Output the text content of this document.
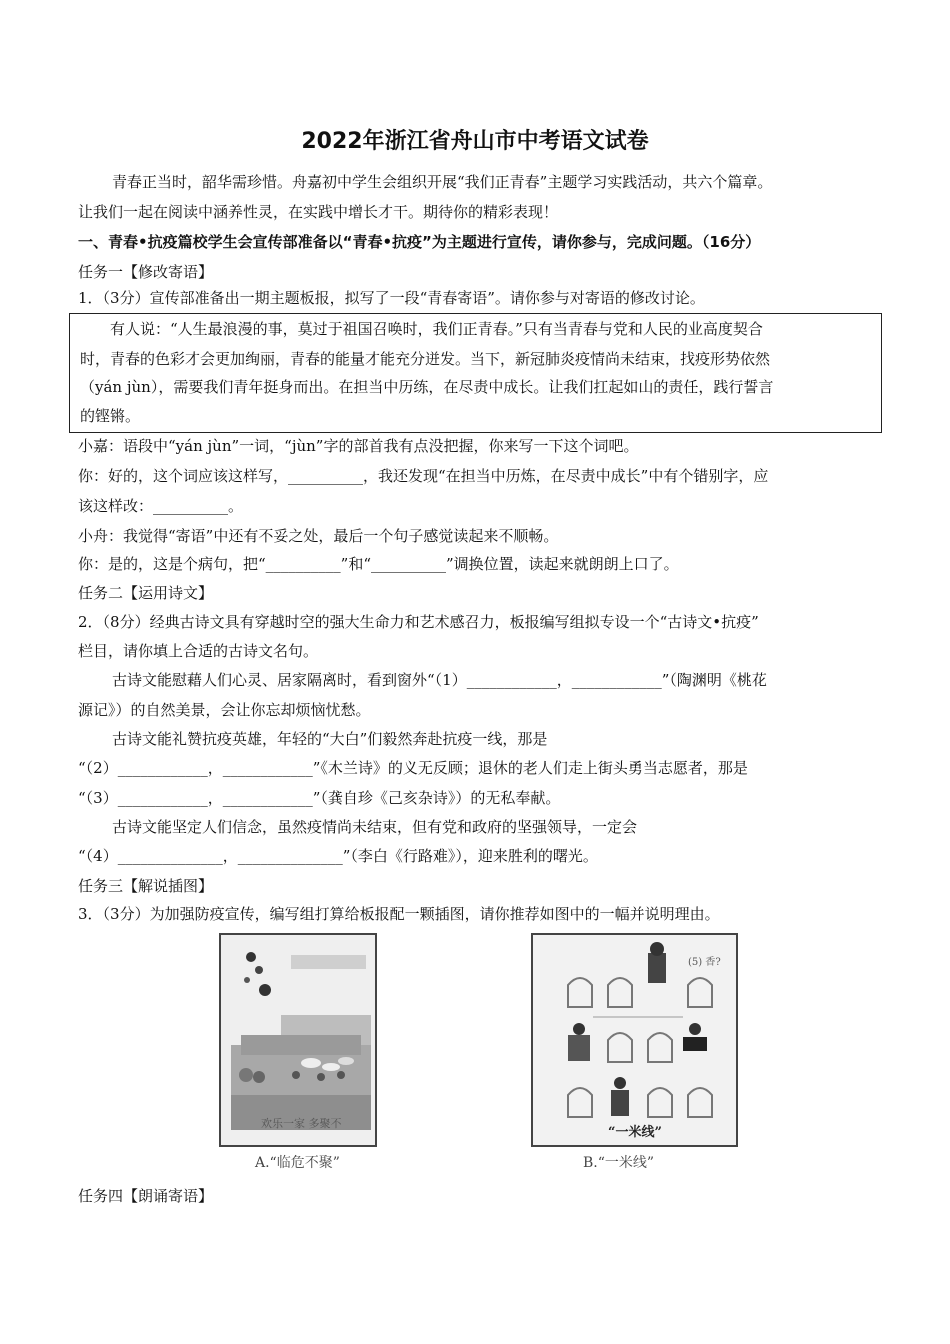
2022年浙江省舟山市中考语文试卷
青春正当时，韶华需珍惜。舟嘉初中学生会组织开展“我们正青春”主题学习实践活动，共六个篇章。
让我们一起在阅读中涵养性灵，在实践中增长才干。期待你的精彩表现！
一、青春•抗疫篇校学生会宣传部准备以“青春•抗疫”为主题进行宣传，请你参与，完成问题。（16分）
任务一【修改寄语】
1．（3分）宣传部准备出一期主题板报，拟写了一段“青春寄语”。请你参与对寄语的修改讨论。
有人说：“人生最浪漫的事，莫过于祖国召唤时，我们正青春。”只有当青春与党和人民的业高度契合
时，青春的色彩才会更加绚丽，青春的能量才能充分迸发。当下，新冠肺炎疫情尚未结束，找疫形势依然
（yán jùn），需要我们青年挺身而出。在担当中历练，在尽责中成长。让我们扛起如山的责任，践行誓言
的铿锵。
小嘉：语段中“yán jùn”一词，“jùn”字的部首我有点没把握，你来写一下这个词吧。
你：好的，这个词应该这样写，__________，我还发现“在担当中历炼，在尽责中成长”中有个错别字，应
该这样改：__________。
小舟：我觉得“寄语”中还有不妥之处，最后一个句子感觉读起来不顺畅。
你：是的，这是个病句，把“__________”和“__________”调换位置，读起来就朗朗上口了。
任务二【运用诗文】
2．（8分）经典古诗文具有穿越时空的强大生命力和艺术感召力，板报编写组拟专设一个“古诗文•抗疫”
栏目，请你填上合适的古诗文名句。
古诗文能慰藉人们心灵、居家隔离时，看到窗外“（1）____________，____________”（陶渊明《桃花
源记》）的自然美景，会让你忘却烦恼忧愁。
古诗文能礼赞抗疫英雄，年轻的“大白”们毅然奔赴抗疫一线，那是
“（2）____________，____________”《木兰诗》的义无反顾；退休的老人们走上街头勇当志愿者，那是
“（3）____________，____________”（龚自珍《己亥杂诗》）的无私奉献。
古诗文能坚定人们信念，虽然疫情尚未结束，但有党和政府的坚强领导，一定会
“（4）______________，______________”（李白《行路难》），迎来胜利的曙光。
任务三【解说插图】
3．（3分）为加强防疫宣传，编写组打算给板报配一颗插图，请你推荐如图中的一幅并说明理由。
欢乐一家 多聚不
A.“临危不聚”
(5) 香?
“一米线”
B.“一米线”
任务四【朗诵寄语】
